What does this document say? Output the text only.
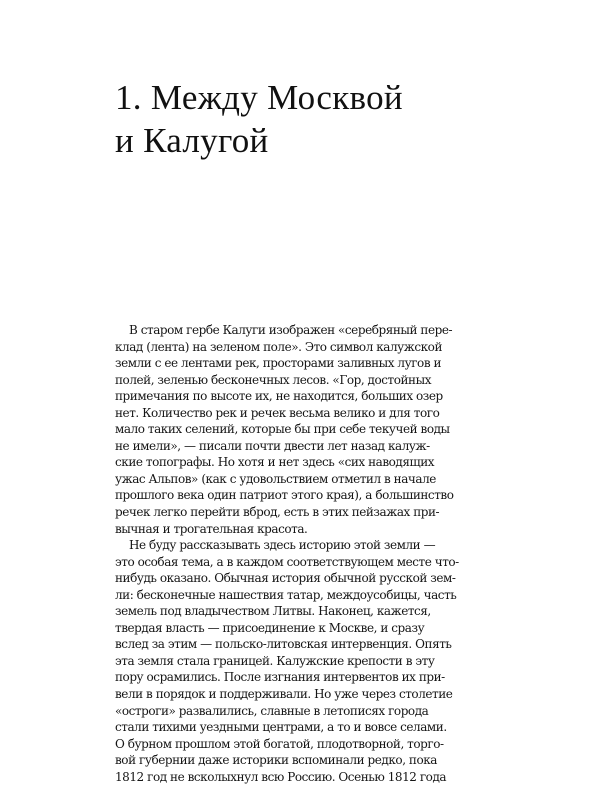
1. Между Москвой
и Калугой
В старом гербе Калуги изображен «серебряный пере-
клад (лента) на зеленом поле». Это символ калужской
земли с ее лентами рек, просторами заливных лугов и
полей, зеленью бесконечных лесов. «Гор, достойных
примечания по высоте их, не находится, больших озер
нет. Количество рек и речек весьма велико и для того
мало таких селений, которые бы при себе текучей воды
не имели», — писали почти двести лет назад калуж-
ские топографы. Но хотя и нет здесь «сих наводящих
ужас Альпов» (как с удовольствием отметил в начале
прошлого века один патриот этого края), а большинство
речек легко перейти вброд, есть в этих пейзажах при-
вычная и трогательная красота.
Не буду рассказывать здесь историю этой земли —
это особая тема, а в каждом соответствующем месте что-
нибудь оказано. Обычная история обычной русской зем-
ли: бесконечные нашествия татар, междоусобицы, часть
земель под владычеством Литвы. Наконец, кажется,
твердая власть — присоединение к Москве, и сразу
вслед за этим — польско-литовская интервенция. Опять
эта земля стала границей. Калужские крепости в эту
пору осрамились. После изгнания интервентов их при-
вели в порядок и поддерживали. Но уже через столетие
«остроги» развалились, славные в летописях города
стали тихими уездными центрами, а то и вовсе селами.
О бурном прошлом этой богатой, плодотворной, торго-
вой губернии даже историки вспоминали редко, пока
1812 год не всколыхнул всю Россию. Осенью 1812 года
